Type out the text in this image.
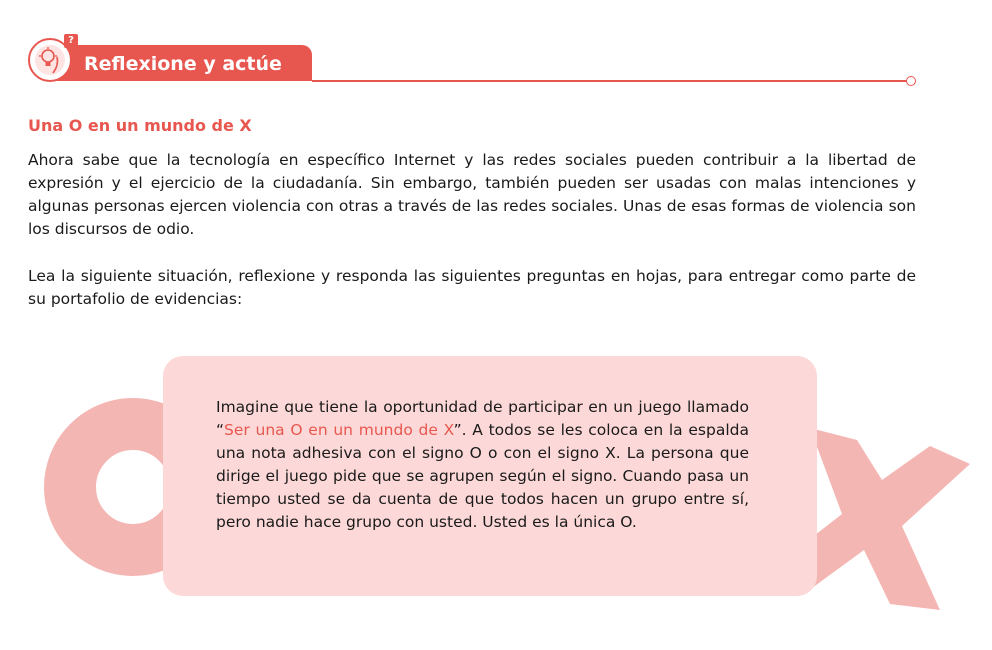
?
Reflexione y actúe
Una O en un mundo de X

Ahora sabe que la tecnología en específico Internet y las redes sociales pueden contribuir a la libertad de expresión y el ejercicio de la ciudadanía. Sin embargo, también pueden ser usadas con malas intenciones y algunas personas ejercen violencia con otras a través de las redes sociales. Unas de esas formas de violencia son los discursos de odio.

Lea la siguiente situación, reflexione y responda las siguientes preguntas en hojas, para entregar como parte de su portafolio de evidencias:

Imagine que tiene la oportunidad de participar en un juego llamado “Ser una O en un mundo de X”. A todos se les coloca en la espalda una nota adhesiva con el signo O o con el signo X. La persona que dirige el juego pide que se agrupen según el signo. Cuando pasa un tiempo usted se da cuenta de que todos hacen un grupo entre sí, pero nadie hace grupo con usted. Usted es la única O.
